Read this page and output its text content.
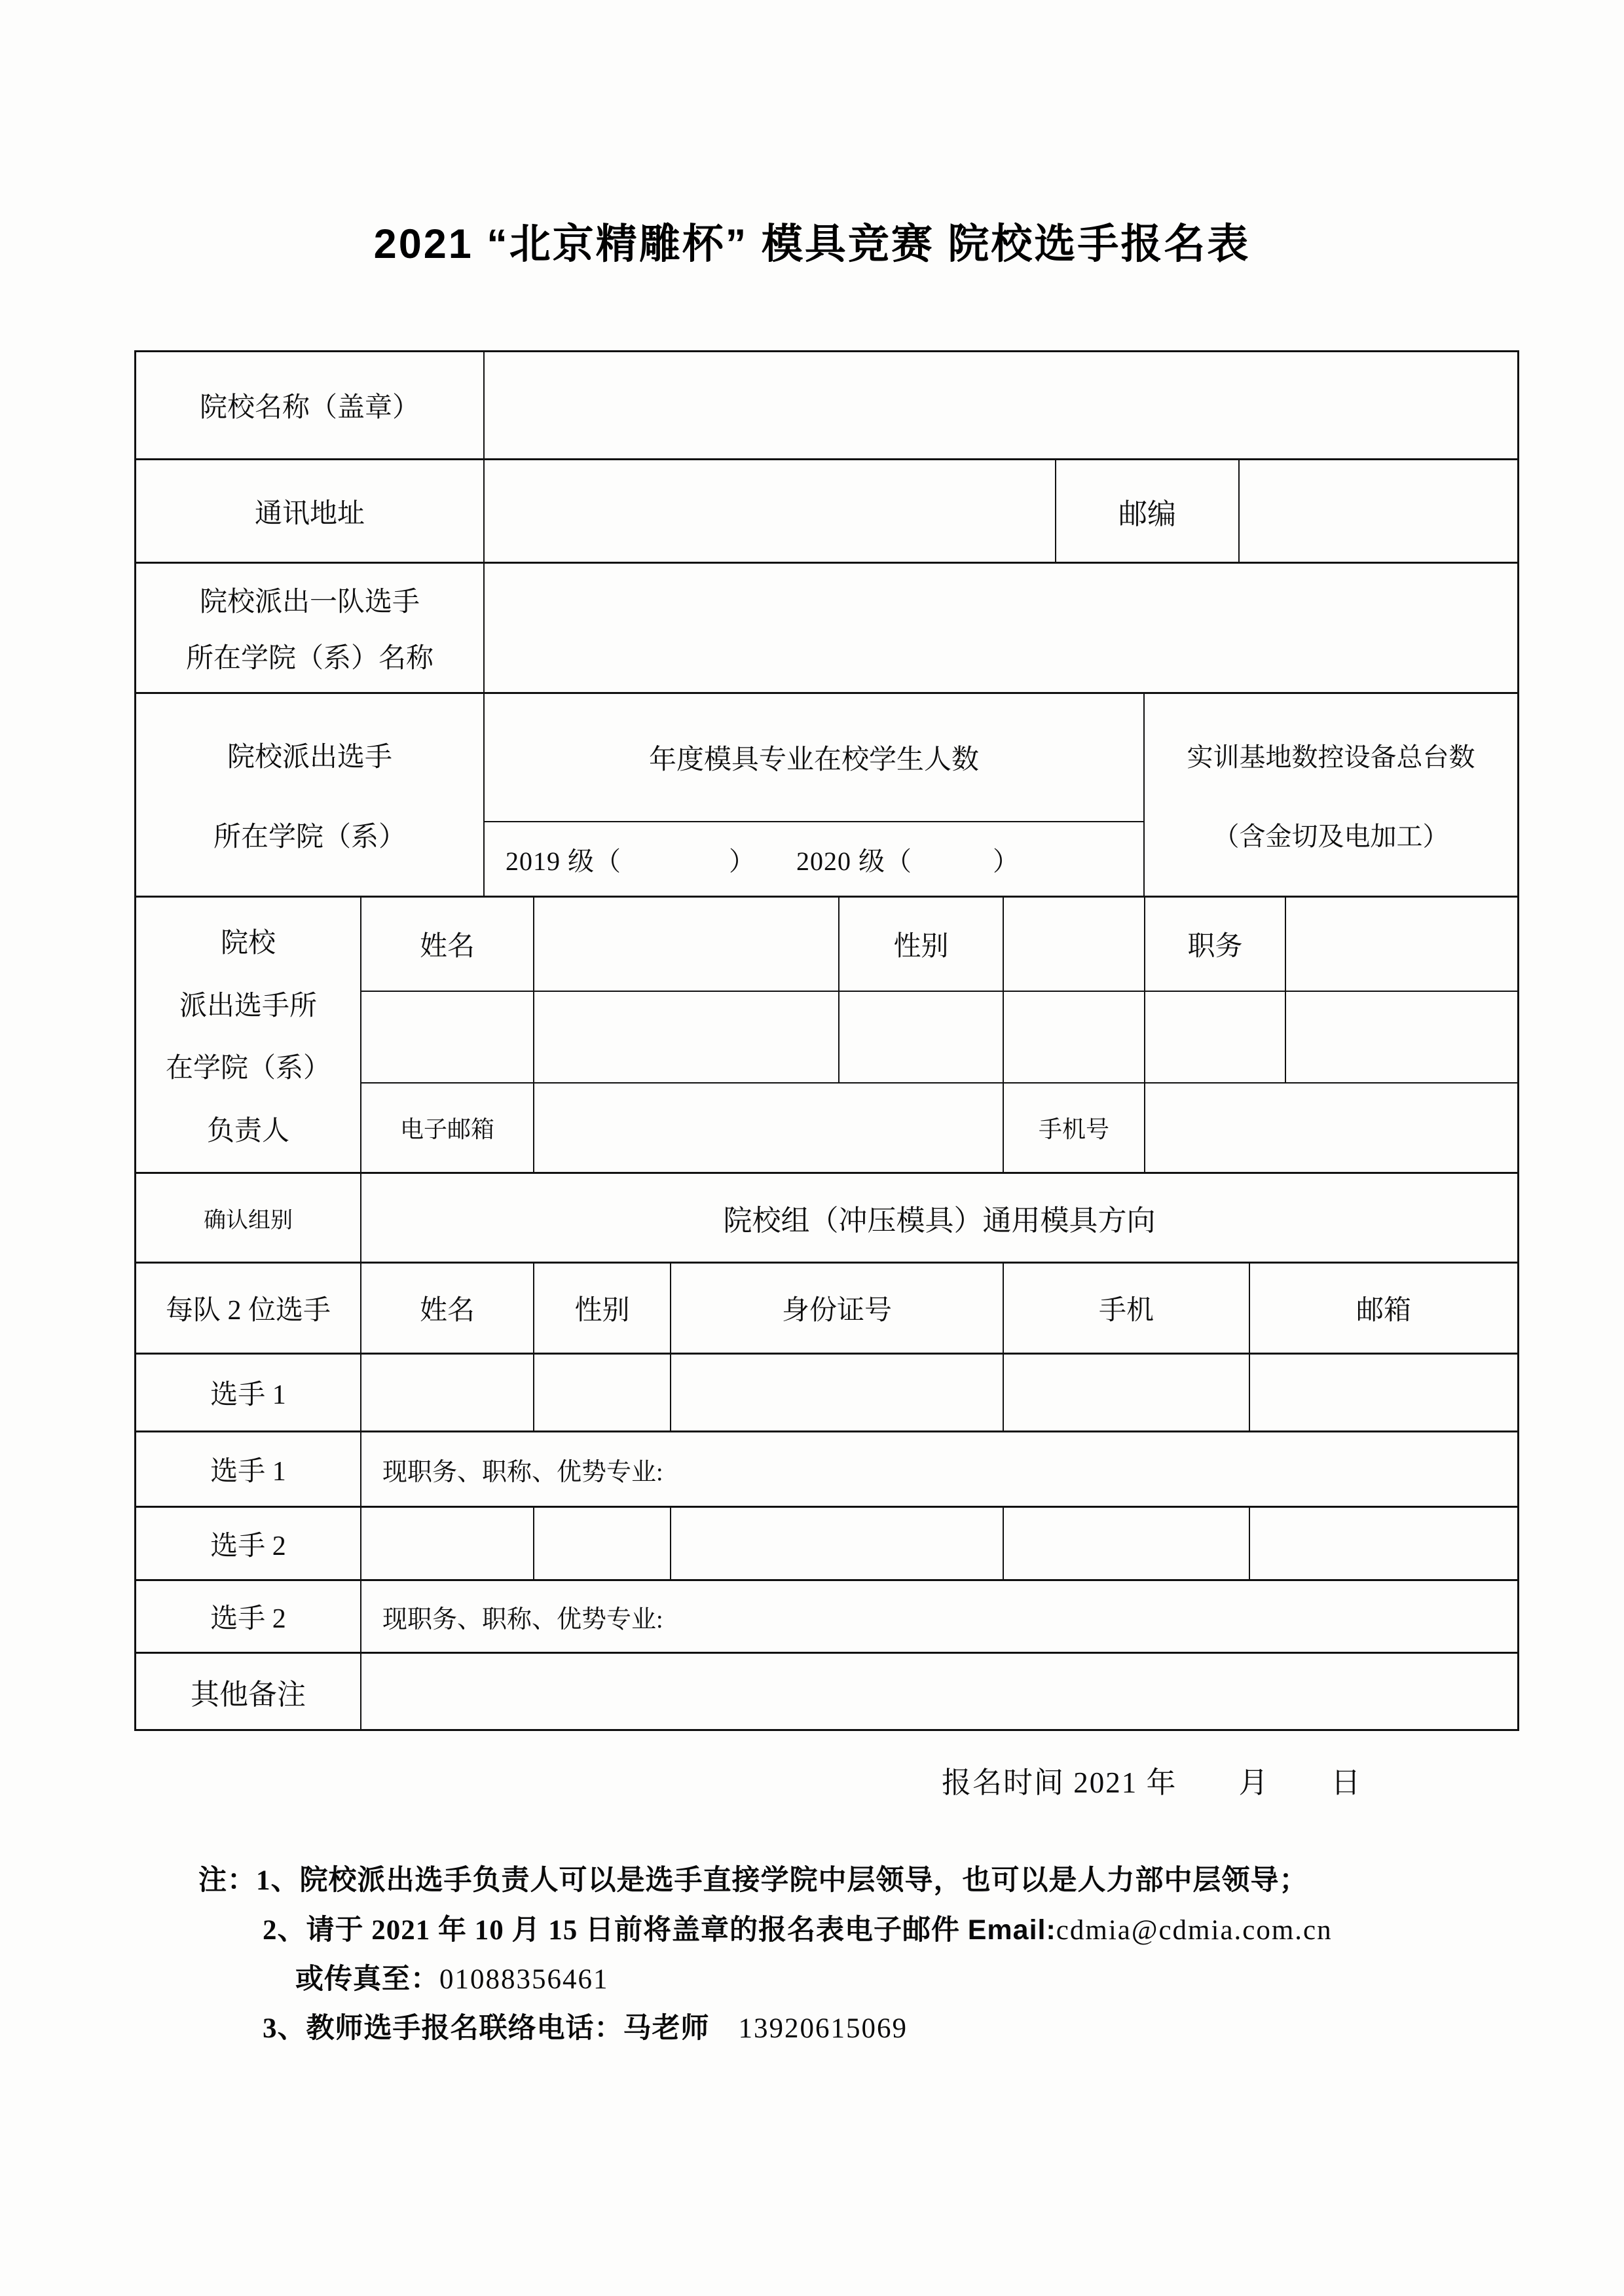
2021 “北京精雕杯” 模具竞赛 院校选手报名表
院校名称（盖章）
通讯地址	邮编
院校派出一队选手
所在学院（系）名称
院校派出选手
所在学院（系）
年度模具专业在校学生人数
2019 级（　　　　）　　2020 级（　　　）
实训基地数控设备总台数
（含金切及电加工）
院校
派出选手所
在学院（系）
负责人
姓名	性别	职务
电子邮箱	手机号
确认组别	院校组（冲压模具）通用模具方向
每队 2 位选手	姓名	性别	身份证号	手机	邮箱
选手 1
选手 1	现职务、职称、优势专业:
选手 2
选手 2	现职务、职称、优势专业:
其他备注
报名时间 2021 年　　月　　日
注：1、院校派出选手负责人可以是选手直接学院中层领导，也可以是人力部中层领导；
2、请于 2021 年 10 月 15 日前将盖章的报名表电子邮件 Email:cdmia@cdmia.com.cn
或传真至：01088356461
3、教师选手报名联络电话：马老师　13920615069
